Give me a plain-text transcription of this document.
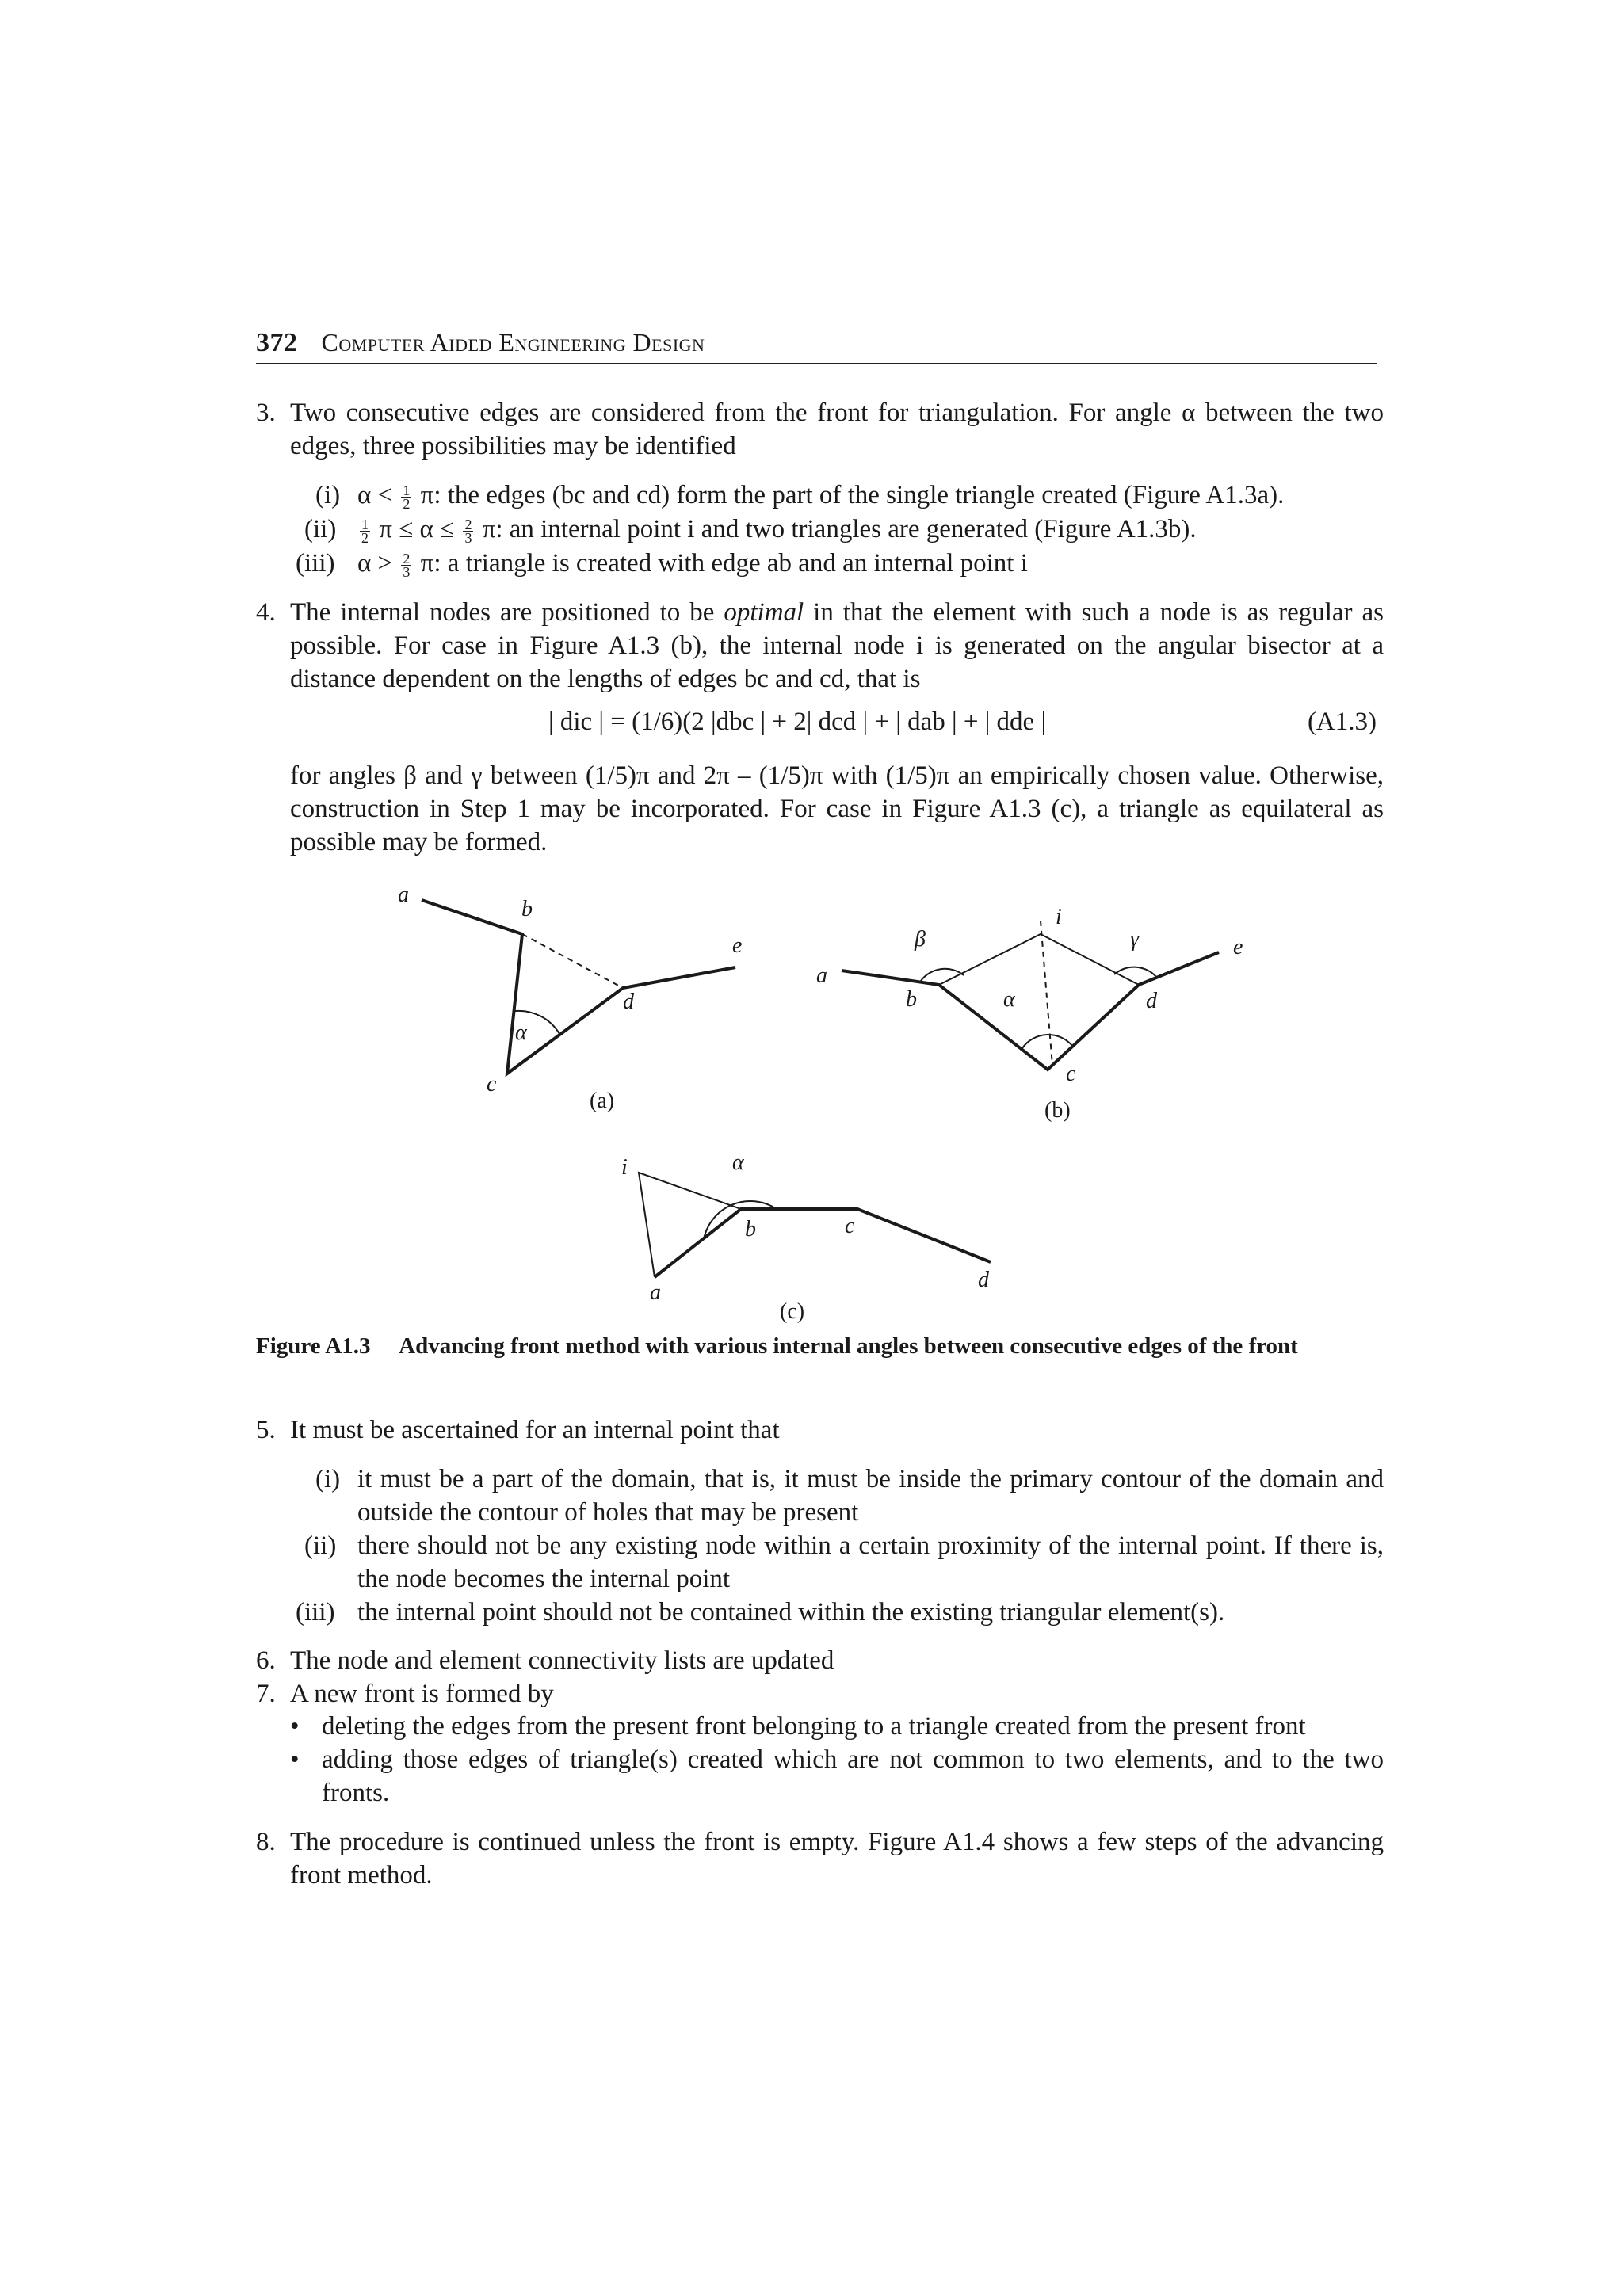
372 Computer Aided Engineering Design
3. Two consecutive edges are considered from the front for triangulation. For angle α between the two edges, three possibilities may be identified
(i) $\alpha < \frac{1}{2} \pi$: the edges (bc and cd) form the part of the single triangle created (Figure A1.3a).
$(ii) \frac{1}{2}$ $\pi \le \alpha \le \frac{2}{3} \pi$: an internal point i and two triangles are generated (Figure A1.3b).
(iii) $\alpha > \frac{2}{3} \pi$: a triangle is created with edge ab and an internal point i
4. The internal nodes are positioned to be optimal in that the element with such a node is as regular as possible. For case in Figure A1.3 (b), the internal node i is generated on the angular bisector at a distance dependent on the lengths of edges bc and cd, that is
| dic | = (1/6)(2 |dbc | + 2| dcd | + | dab | + | dde |	(A1.3)
for angles β and γ between (1/5)π and 2π – (1/5)π with (1/5)π an empirically chosen value. Otherwise, construction in Step 1 may be incorporated. For case in Figure A1.3 (c), a triangle as equilateral as possible may be formed.
a
b
c
d
e
α
(a)
a
b
c
d
e
i
α
β	γ
(b)
i	α
a
b	c
d
(c)
Figure A1.3 Advancing front method with various internal angles between consecutive edges of the front
5. It must be ascertained for an internal point that
(i) it must be a part of the domain, that is, it must be inside the primary contour of the domain and outside the contour of holes that may be present
(ii) there should not be any existing node within a certain proximity of the internal point. If there is, the node becomes the internal point
(iii) the internal point should not be contained within the existing triangular element(s).
6. The node and element connectivity lists are updated
7. A new front is formed by
• deleting the edges from the present front belonging to a triangle created from the present front
• adding those edges of triangle(s) created which are not common to two elements, and to the two fronts.
8. The procedure is continued unless the front is empty. Figure A1.4 shows a few steps of the advancing front method.
